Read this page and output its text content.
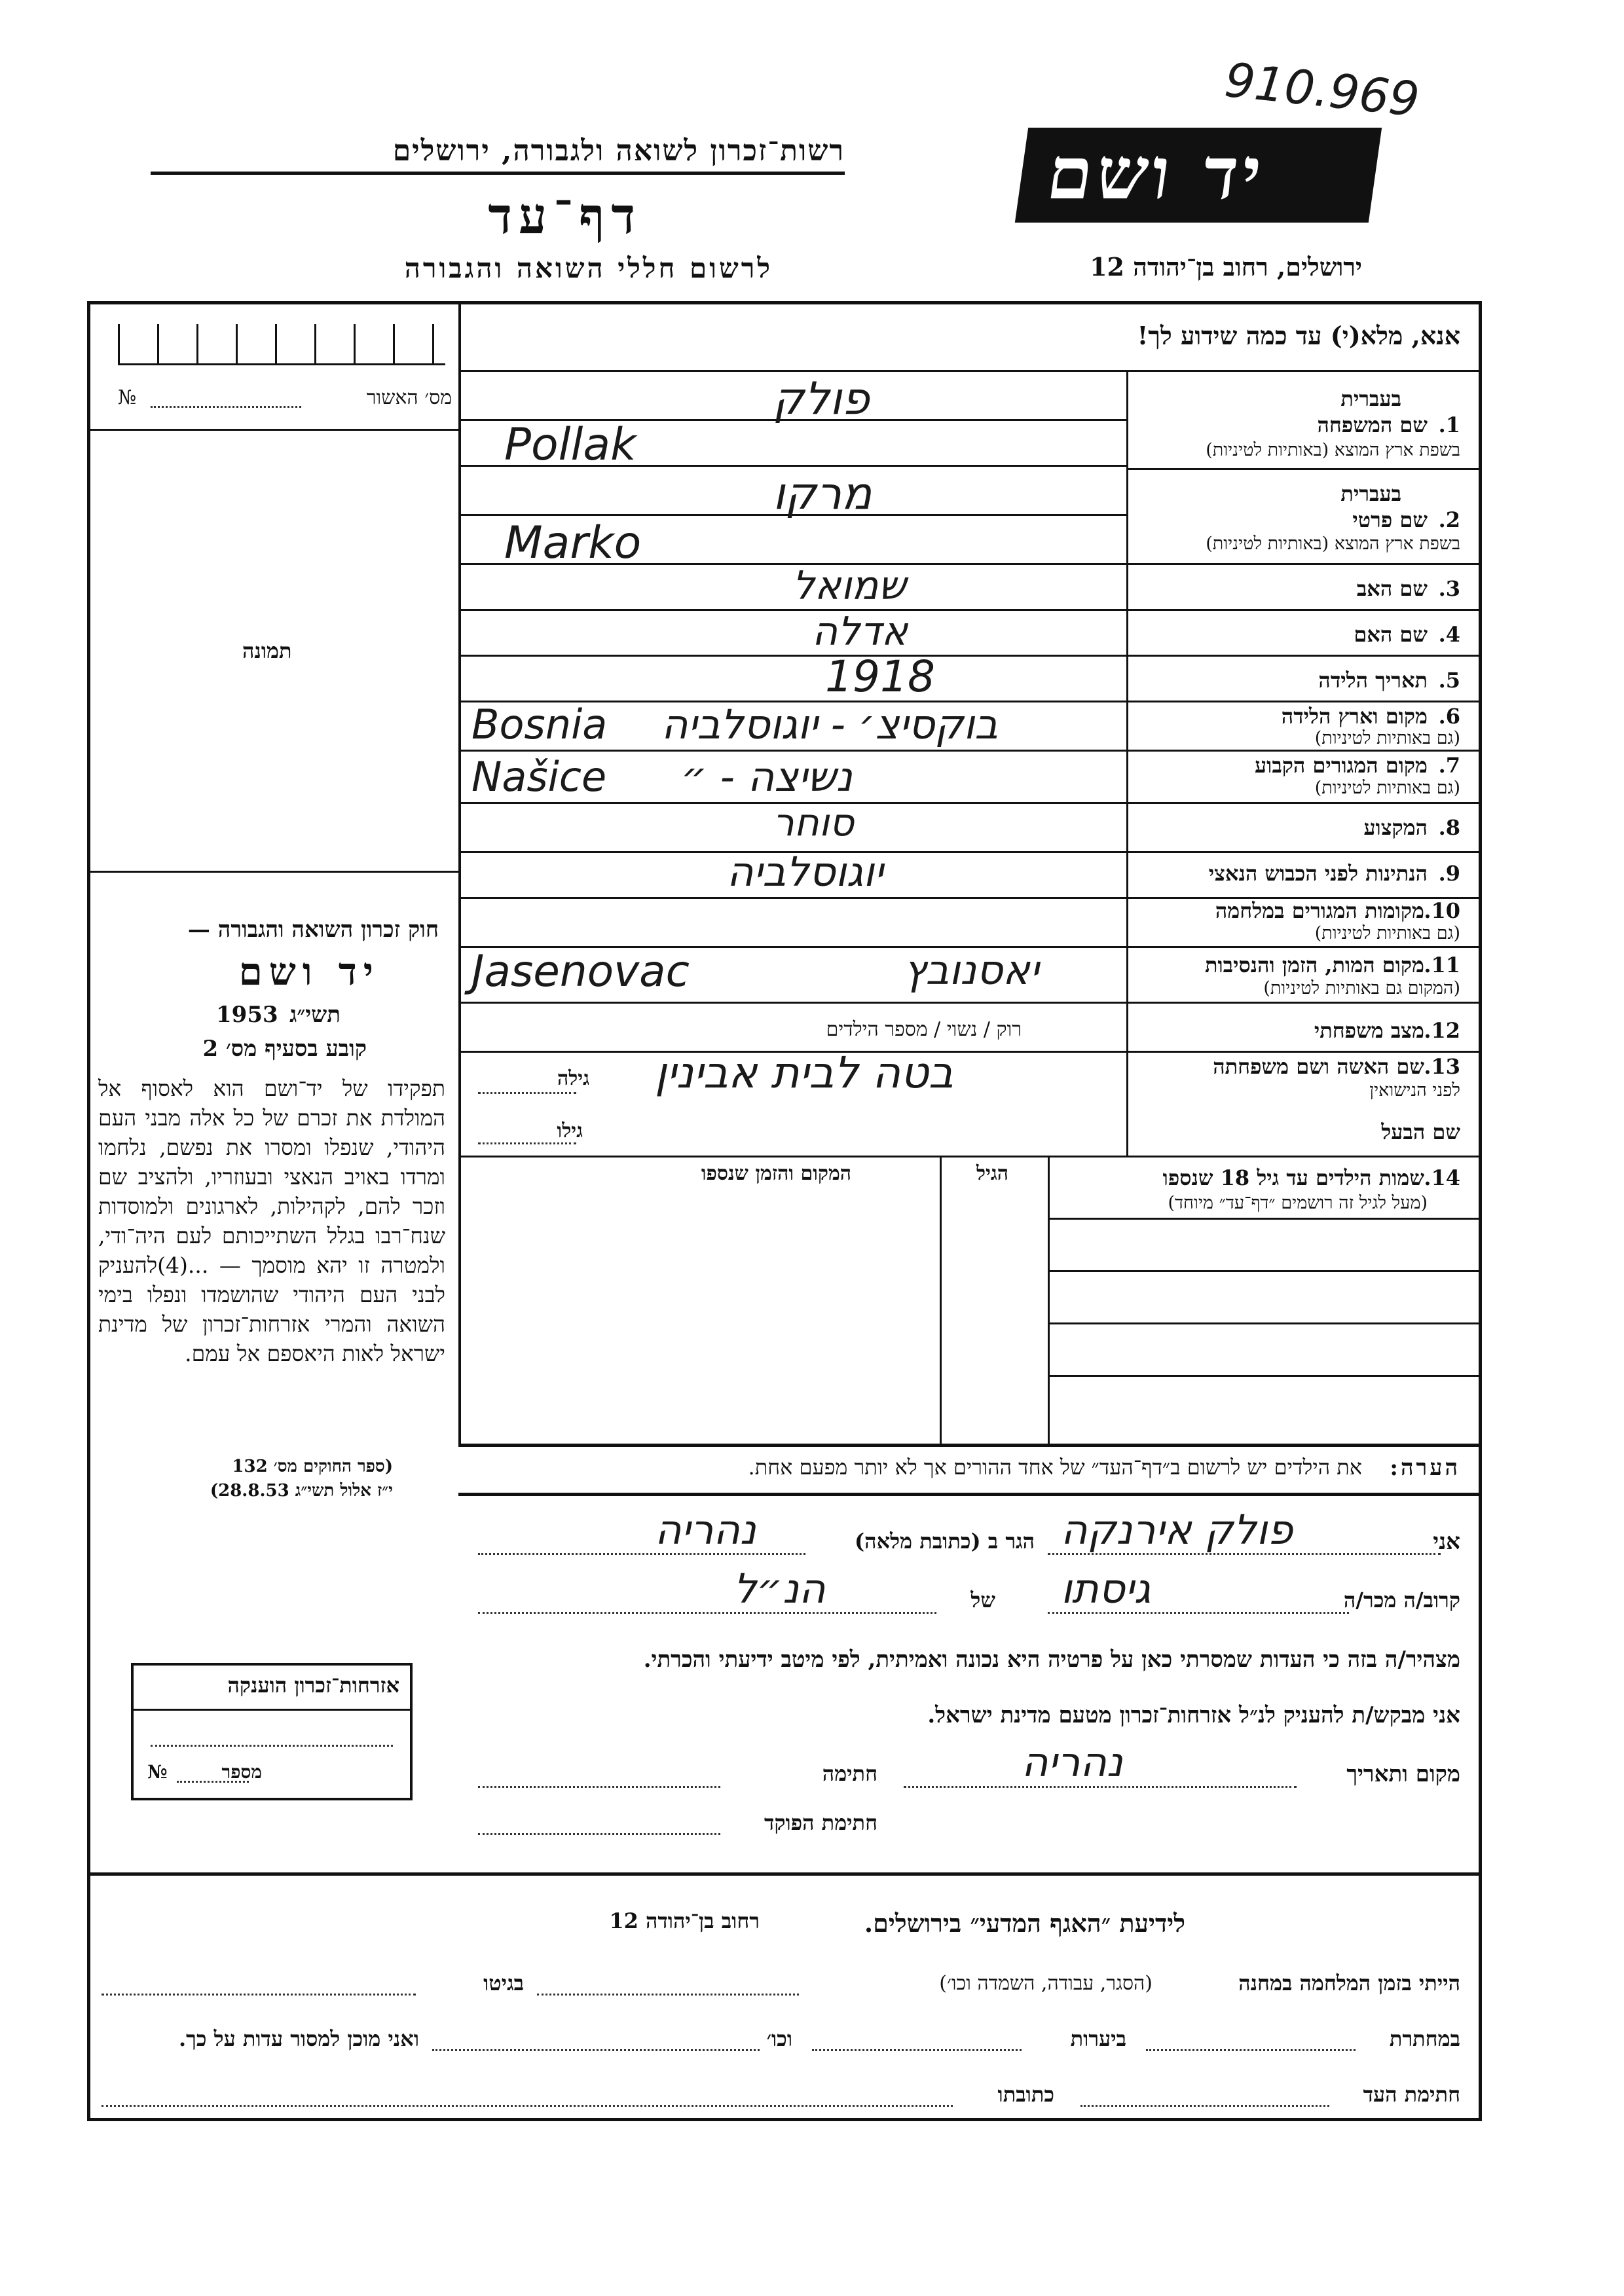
910.969
רשות־זכרון לשואה ולגבורה, ירושלים
דף־עד
לרשום חללי השואה והגבורה
יד ושם
ירושלים, רחוב בן־יהודה 12
אנא, מלא(י) עד כמה שידוע לך!
מס׳ האשור
№
תמונה
חוק זכרון השואה והגבורה —
יד ושם
1953 תשי״ג
קובע בסעיף מס׳ 2
תפקידו של יד־ושם הוא לאסוף אל המולדת את זכרם של כל אלה מבני העם היהודי, שנפלו ומסרו את נפשם, נלחמו ומרדו באויב הנאצי ובעוזריו, ולהציב שם וזכר להם, לקהילות, לארגונים ולמוסדות שנח־רבו בגלל השתייכותם לעם היה־ודי, ולמטרה זו יהא מוסמך — ...(4)להעניק לבני העם היהודי שהושמדו ונפלו בימי השואה והמרי אזרחות־זכרון של מדינת ישראל לאות היאספם אל עמם.
(ספר החוקים מס׳ 132
י״ז אלול תשי״ג 28.8.53)
בעברית
1.
שם המשפחה
בשפת ארץ המוצא (באותיות לטיניות)
פולק
Pollak
בעברית
2.
שם פרטי
בשפת ארץ המוצא (באותיות לטיניות)
מרקו
Marko
3.
שם האב
שמואל
4.
שם האם
אדלה
5.
תאריך הלידה
1918
6.
מקום וארץ הלידה
(גם באותיות לטיניות)
Bosnia בוקסיצ׳ - יוגוסלביה
7.
מקום המגורים הקבוע
(גם באותיות לטיניות)
Našice נשיצה - ״
8.
המקצוע
סוחר
9.
הנתינות לפני הכבוש הנאצי
יוגוסלביה
10.
מקומות המגורים במלחמה
(גם באותיות לטיניות)
11.
מקום המות, הזמן והנסיבות
(המקום גם באותיות לטיניות)
Jasenovac	יאסנובץ
12.
מצב משפחתי
רוק / נשוי / מספר הילדים
13.
שם האשה ושם משפחתה
לפני הנישואין
בטה לבית אבינין
גילה
שם הבעל
גילו
14.
שמות הילדים עד גיל 18 שנספו
(מעל לגיל זה רושמים ״דף־עד״ מיוחד)
הגיל
המקום והזמן שנספו
הערה:
את הילדים יש לרשום ב״דף־העד״ של אחד ההורים אך לא יותר מפעם אחת.
אני
פולק אירנקה
הגר ב (כתובת מלאה)
נהריה
קרוב/ה מכר/ה
גיסתו
של
הנ״ל
מצהיר/ה בזה כי העדות שמסרתי כאן על פרטיה היא נכונה ואמיתית, לפי מיטב ידיעתי והכרתי.
אני מבקש/ת להעניק לנ״ל אזרחות־זכרון מטעם מדינת ישראל.
מקום ותאריך
נהריה
חתימה
חתימת הפוקד
אזרחות־זכרון הוענקה
מספר
№
לידיעת ״האגף המדעי״ בירושלים.
רחוב בן־יהודה 12
הייתי בזמן המלחמה במחנה
(הסגר, עבודה, השמדה וכו׳)
בגיטו
במחתרת
ביערות
וכו׳
ואני מוכן למסור עדות על כך.
חתימת העד
כתובתו
